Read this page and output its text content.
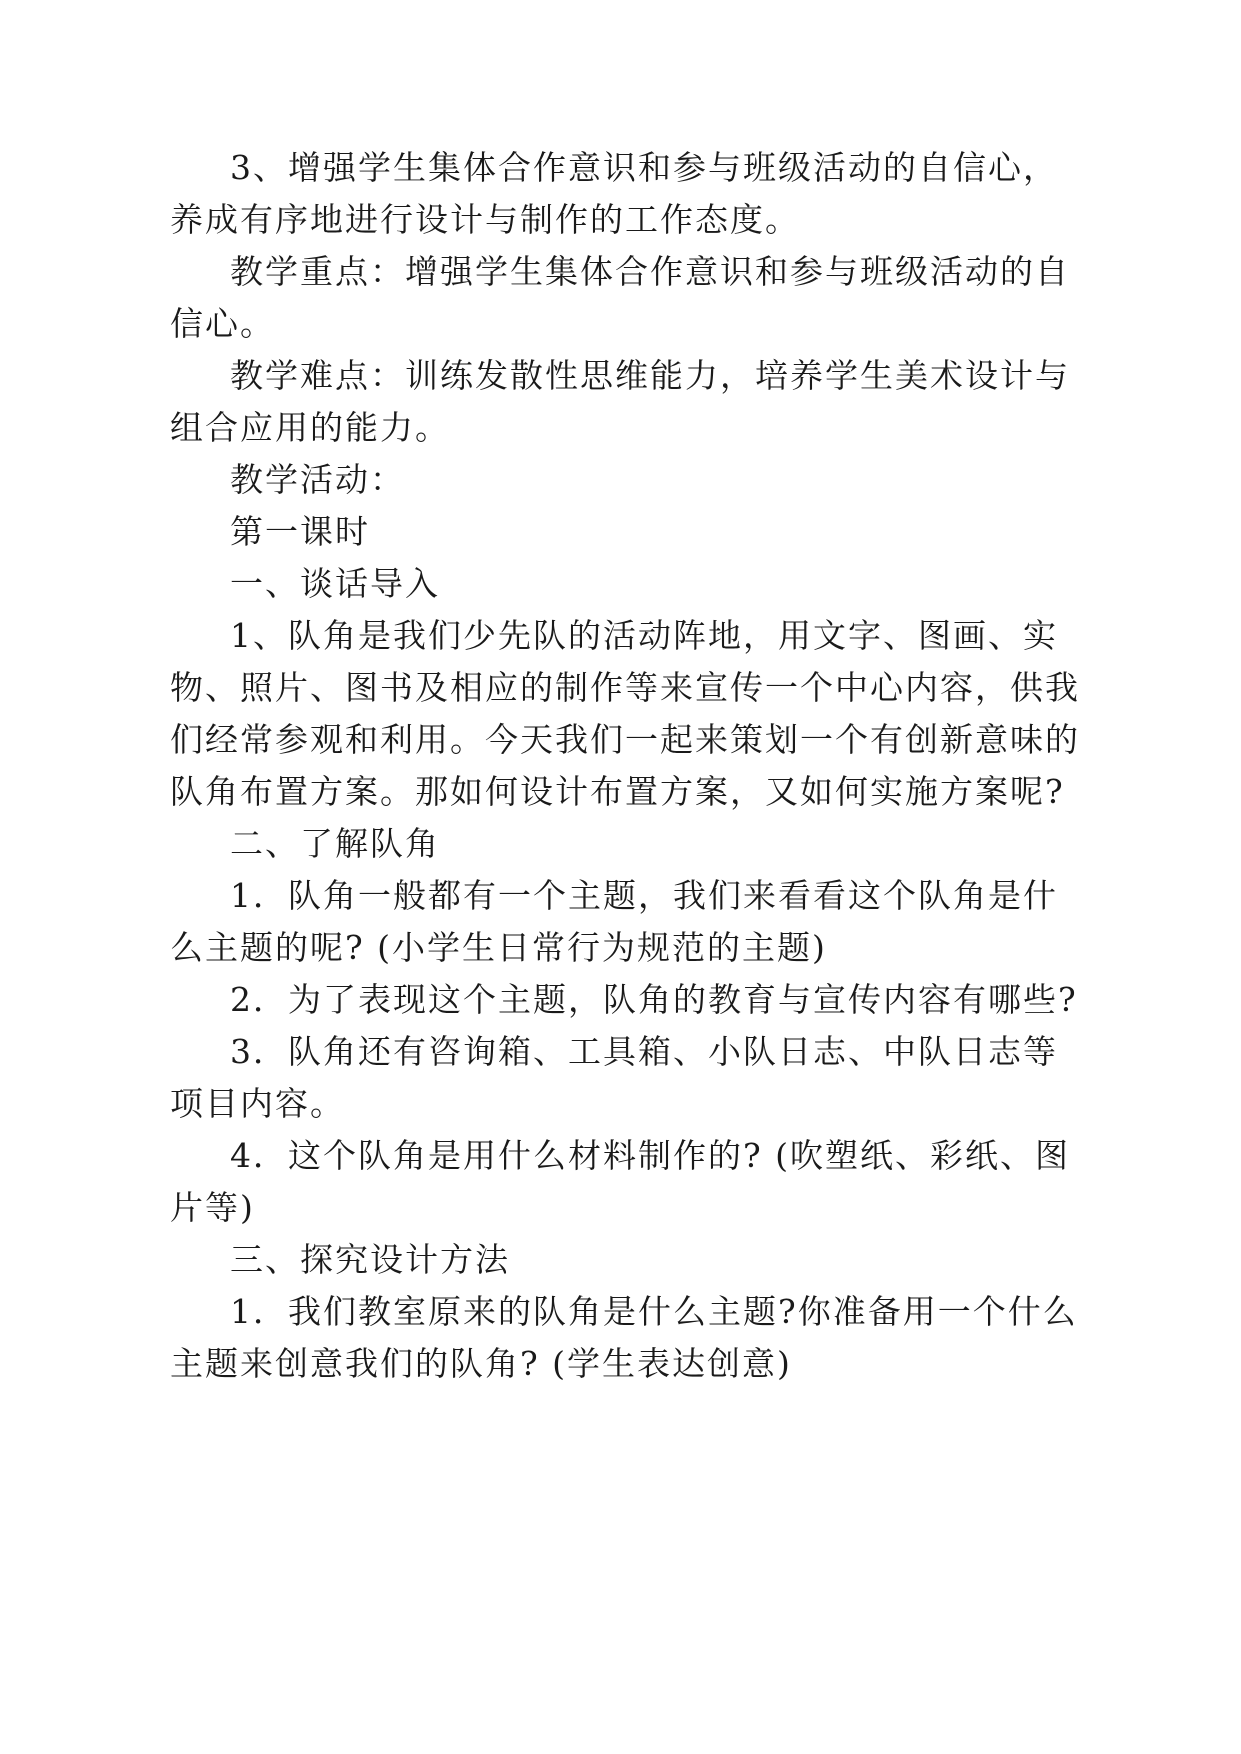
3、增强学生集体合作意识和参与班级活动的自信心，
养成有序地进行设计与制作的工作态度。
教学重点：增强学生集体合作意识和参与班级活动的自
信心。
教学难点：训练发散性思维能力，培养学生美术设计与
组合应用的能力。
教学活动：
第一课时
一、谈话导入
1、队角是我们少先队的活动阵地，用文字、图画、实
物、照片、图书及相应的制作等来宣传一个中心内容，供我
们经常参观和利用。今天我们一起来策划一个有创新意味的
队角布置方案。那如何设计布置方案，又如何实施方案呢?
二、了解队角
1．队角一般都有一个主题，我们来看看这个队角是什
么主题的呢? (小学生日常行为规范的主题)
2．为了表现这个主题，队角的教育与宣传内容有哪些?
3．队角还有咨询箱、工具箱、小队日志、中队日志等
项目内容。
4．这个队角是用什么材料制作的? (吹塑纸、彩纸、图
片等)
三、探究设计方法
1．我们教室原来的队角是什么主题?你准备用一个什么
主题来创意我们的队角? (学生表达创意)
